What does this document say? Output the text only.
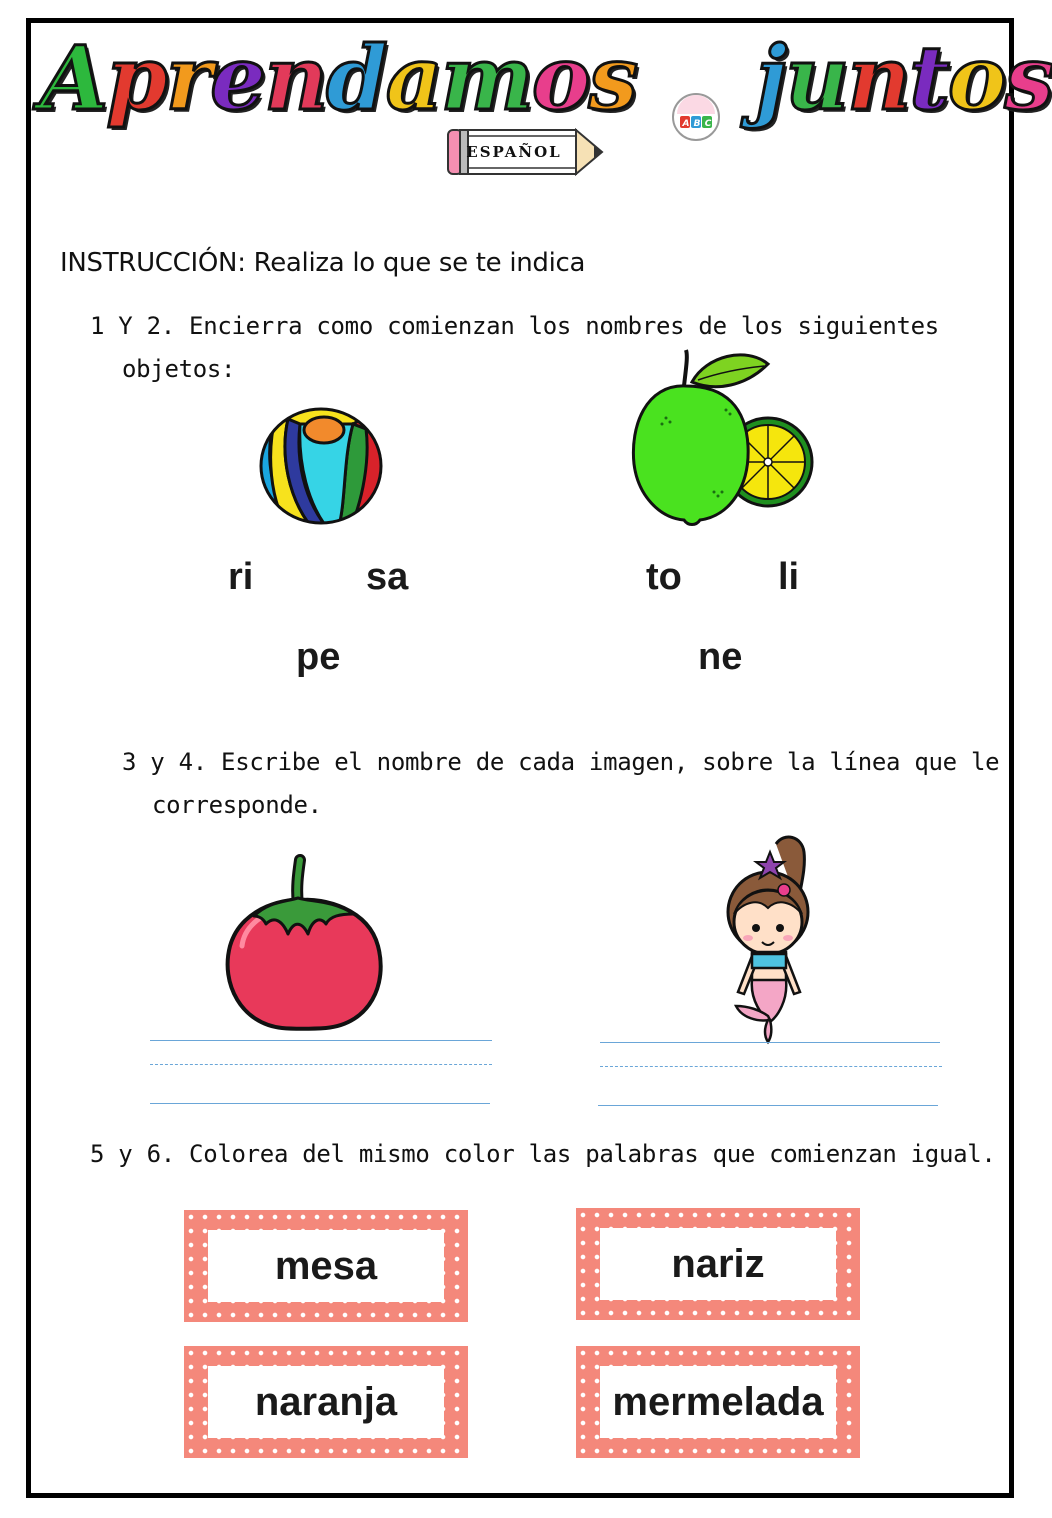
Aprendamos	A B C juntos
ESPAÑOL
INSTRUCCIÓN: Realiza lo que se te indica
1 Y 2. Encierra como comienzan los nombres de los siguientes
objetos:
ri	sa
pe
to	li
ne
3 y 4. Escribe el nombre de cada imagen, sobre la línea que le
corresponde.
5 y 6. Colorea del mismo color las palabras que comienzan igual.
mesa	nariz
naranja	mermelada
